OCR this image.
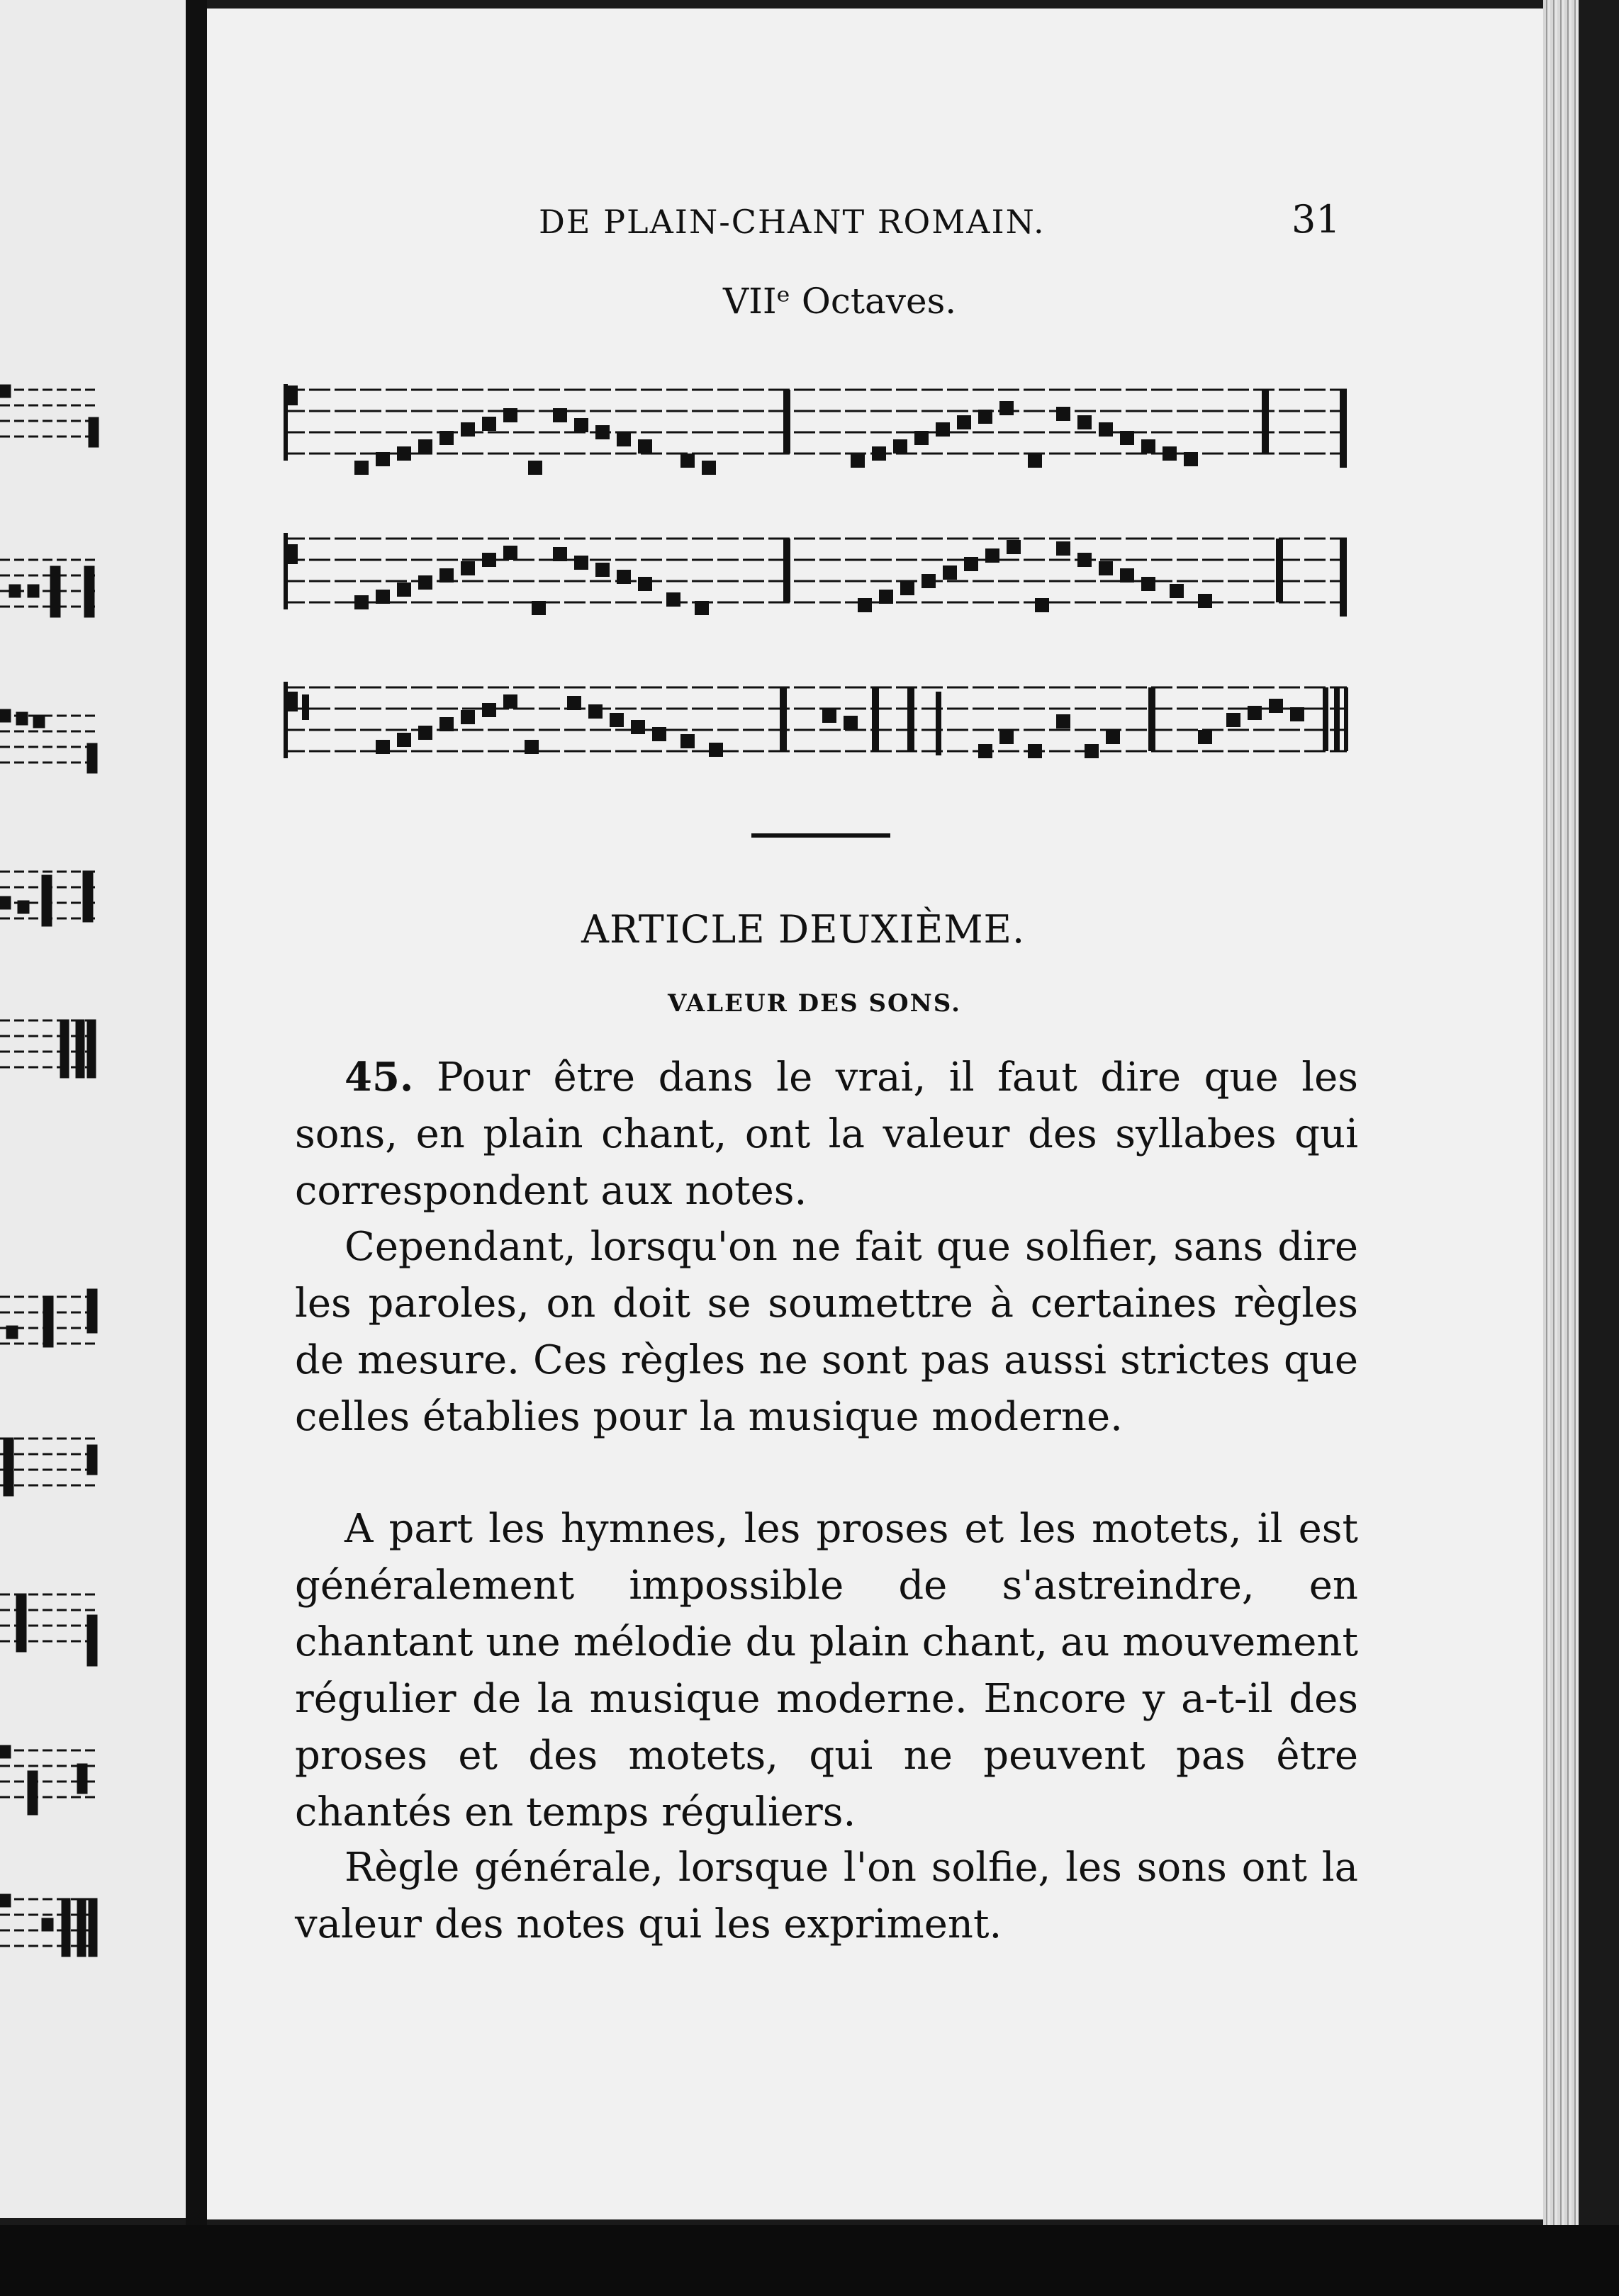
DE PLAIN-CHANT ROMAIN.	31
VIIᵉ Octaves.
ARTICLE DEUXIÈME.
VALEUR DES SONS.

45. Pour être dans le vrai, il faut dire que les sons, en plain chant, ont la valeur des syllabes qui correspondent aux notes.

Cependant, lorsqu'on ne fait que solfier, sans dire les paroles, on doit se soumettre à certaines règles de mesure. Ces règles ne sont pas aussi strictes que celles établies pour la musique moderne.

A part les hymnes, les proses et les motets, il est généralement impossible de s'astreindre, en chantant une mélodie du plain chant, au mouvement régulier de la musique moderne. Encore y a-t-il des proses et des motets, qui ne peuvent pas être chantés en temps réguliers.

Règle générale, lorsque l'on solfie, les sons ont la valeur des notes qui les expriment.
